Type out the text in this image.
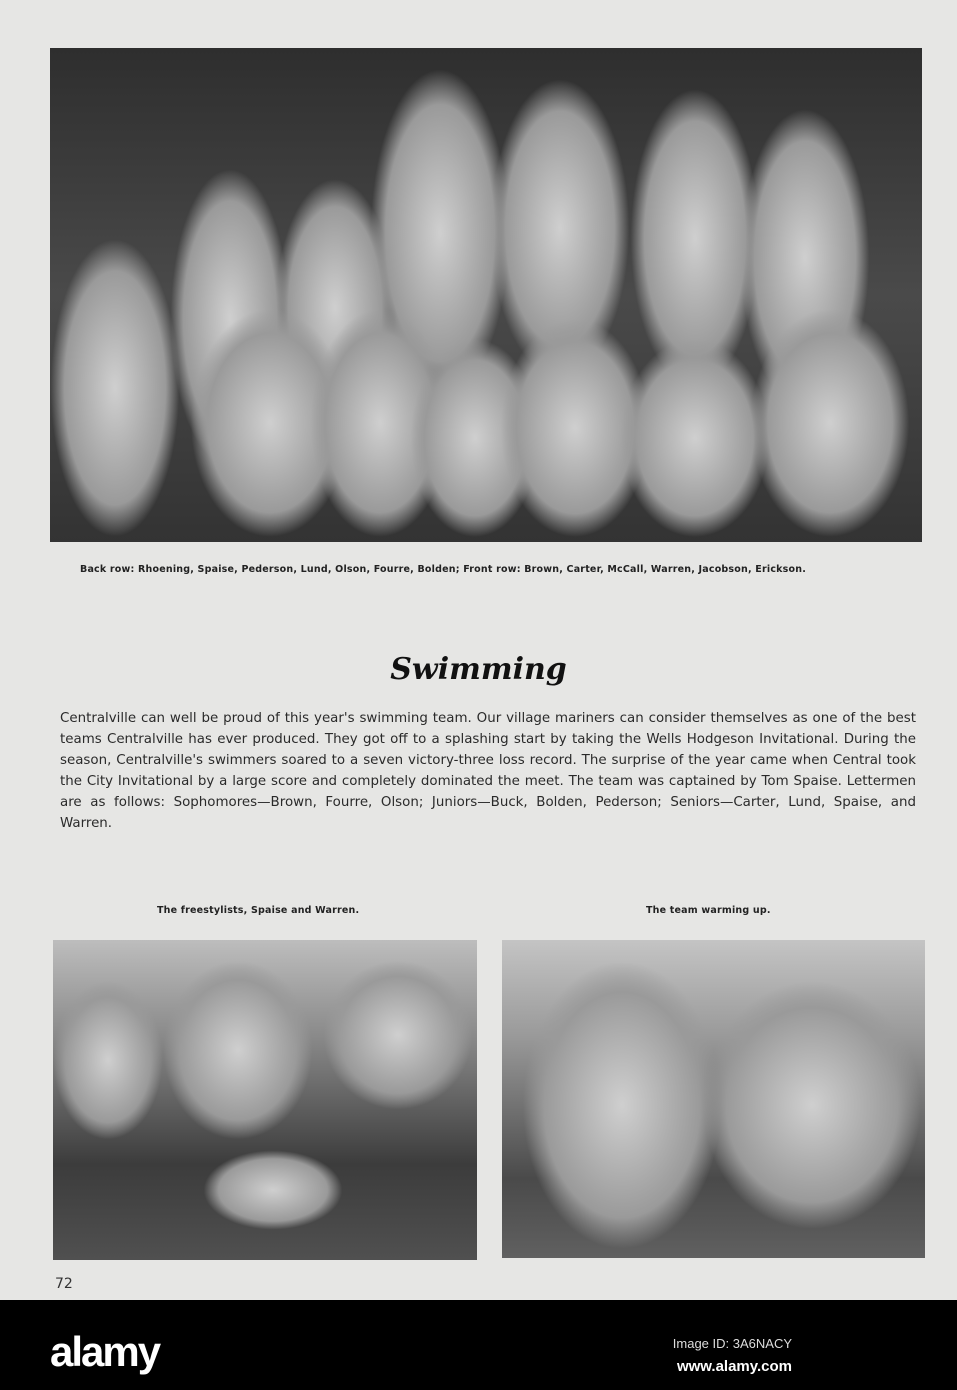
Back row: Rhoening, Spaise, Pederson, Lund, Olson, Fourre, Bolden; Front row: Brown, Carter, McCall, Warren, Jacobson, Erickson.
Swimming
Centralville can well be proud of this year's swimming team. Our village mariners can consider themselves as one of the best teams Centralville has ever produced. They got off to a splashing start by taking the Wells Hodgeson Invitational. During the season, Centralville's swimmers soared to a seven victory-three loss record. The surprise of the year came when Central took the City Invitational by a large score and completely dominated the meet. The team was captained by Tom Spaise. Lettermen are as follows: Sophomores—Brown, Fourre, Olson; Juniors—Buck, Bolden, Pederson; Seniors—Carter, Lund, Spaise, and Warren.
The freestylists, Spaise and Warren.	The team warming up.
72
alamy	Image ID: 3A6NACY
www.alamy.com
